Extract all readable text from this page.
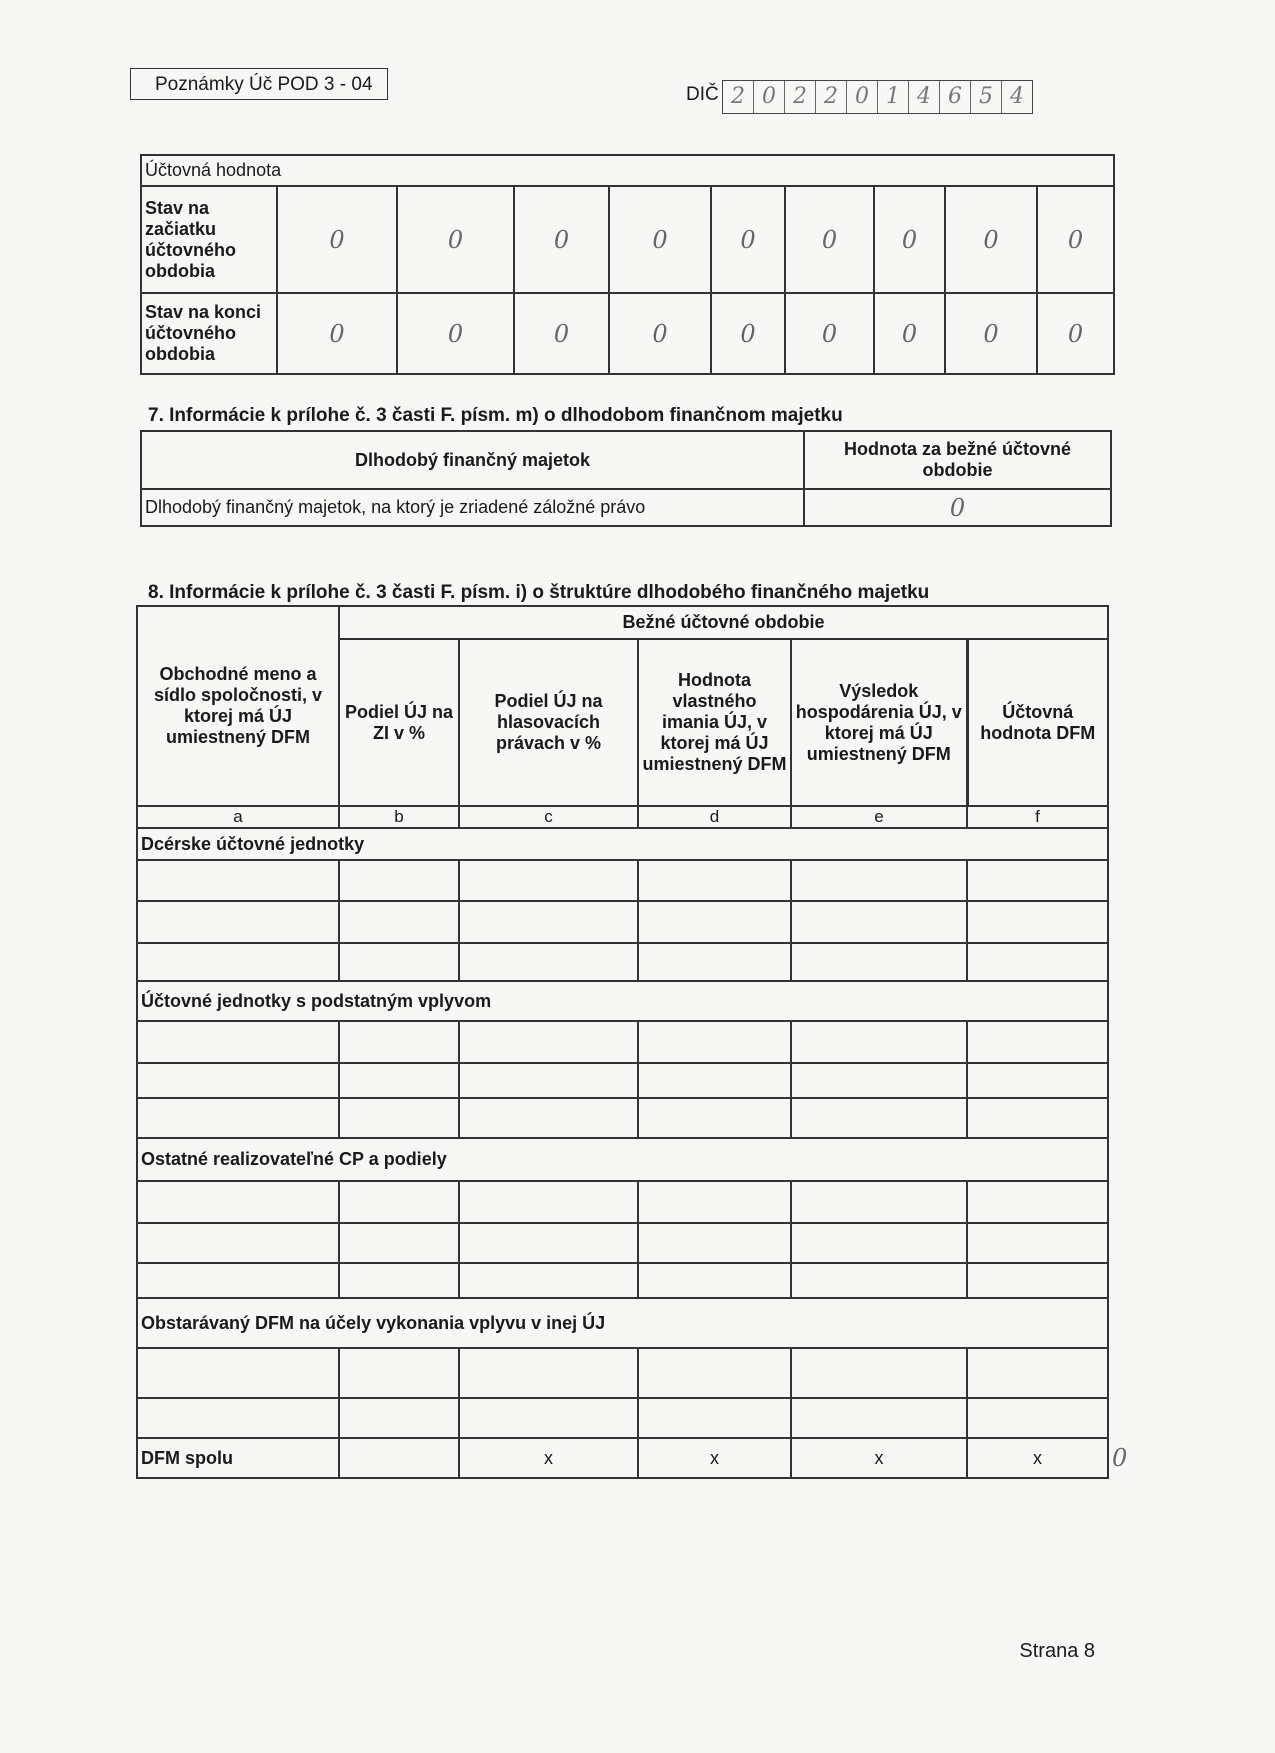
Poznámky Úč POD 3 - 04	DIČ 2 0 2 2 0 1 4 6 5 4
Účtovná hodnota									
Stav na začiatku účtovného obdobia	0	0	0	0	0	0	0	0	0
Stav na konci účtovného obdobia	0	0	0	0	0	0	0	0	0
7. Informácie k prílohe č. 3 časti F. písm. m) o dlhodobom finančnom majetku
Dlhodobý finančný majetok	Hodnota za bežné účtovné obdobie
Dlhodobý finančný majetok, na ktorý je zriadené záložné právo	0
8. Informácie k prílohe č. 3 časti F. písm. i) o štruktúre dlhodobého finančného majetku
Obchodné meno a sídlo spoločnosti, v ktorej má ÚJ umiestnený DFM	Bežné účtovné obdobie					
	Podiel ÚJ na ZI v %	Podiel ÚJ na hlasovacích právach v %	Hodnota vlastného imania ÚJ, v ktorej má ÚJ umiestnený DFM	Výsledok hospodárenia ÚJ, v ktorej má ÚJ umiestnený DFM	Účtovná hodnota DFM	
a	b	c	d	e	f	
Dcérske účtovné jednotky						

Účtovné jednotky s podstatným vplyvom						

Ostatné realizovateľné CP a podiely						

Obstarávaný DFM na účely vykonania vplyvu v inej ÚJ						

DFM spolu		x	x	x	x	0
Strana 8
